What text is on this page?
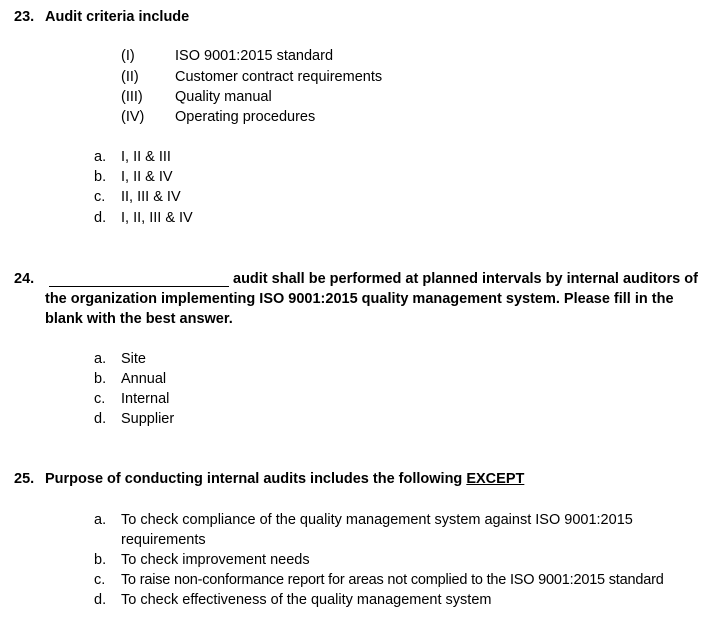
23. Audit criteria include
(I)	ISO 9001:2015 standard
(II)	Customer contract requirements
(III) Quality manual
(IV) Operating procedures
a. I, II & III
b. I, II & IV
c. II, III & IV
d. I, II, III & IV
24.	audit shall be performed at planned intervals by internal auditors of
the organization implementing ISO 9001:2015 quality management system. Please fill in the
blank with the best answer.
a. Site
b. Annual
c. Internal
d. Supplier
25. Purpose of conducting internal audits includes the following EXCEPT
a. To check compliance of the quality management system against ISO 9001:2015
requirements
b. To check improvement needs
c. To raise non-conformance report for areas not complied to the ISO 9001:2015 standard
d. To check effectiveness of the quality management system
